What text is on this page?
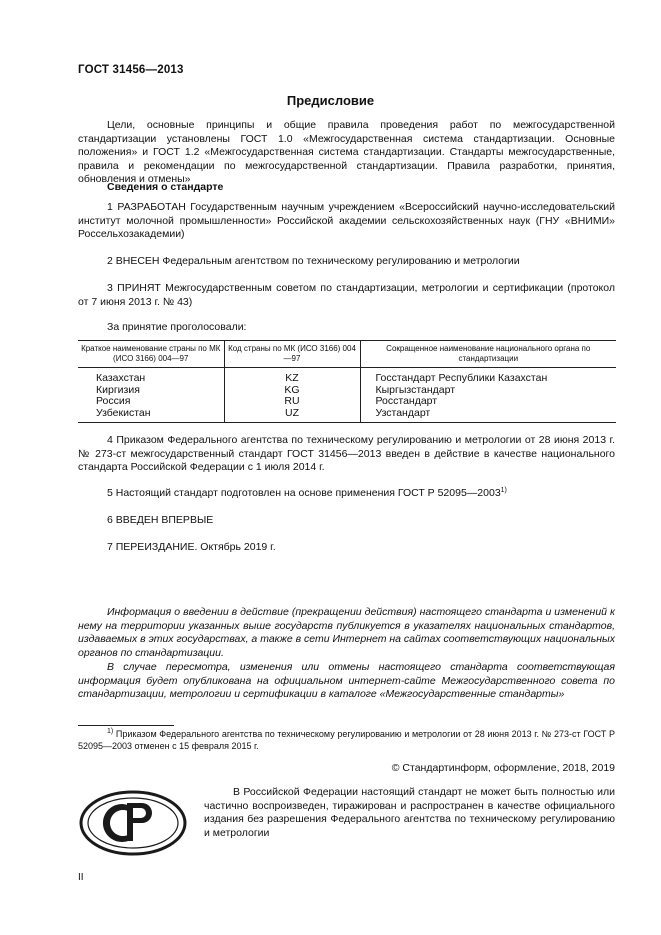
ГОСТ 31456—2013
Предисловие
Цели, основные принципы и общие правила проведения работ по межгосударственной стандартизации установлены ГОСТ 1.0 «Межгосударственная система стандартизации. Основные положения» и ГОСТ 1.2 «Межгосударственная система стандартизации. Стандарты межгосударственные, правила и рекомендации по межгосударственной стандартизации. Правила разработки, принятия, обновления и отмены»
Сведения о стандарте
1 РАЗРАБОТАН Государственным научным учреждением «Всероссийский научно-исследовательский институт молочной промышленности» Российской академии сельскохозяйственных наук (ГНУ «ВНИМИ» Россельхозакадемии)
2 ВНЕСЕН Федеральным агентством по техническому регулированию и метрологии
3 ПРИНЯТ Межгосударственным советом по стандартизации, метрологии и сертификации (протокол от 7 июня 2013 г. № 43)
За принятие проголосовали:
Краткое наименование страны по МК (ИСО 3166) 004—97	Код страны по МК (ИСО 3166) 004—97	Сокращенное наименование национального органа по стандартизации
Казахстан	KZ	Госстандарт Республики Казахстан
Киргизия	KG	Кыргызстандарт
Россия	RU	Росстандарт
Узбекистан	UZ	Узстандарт
4 Приказом Федерального агентства по техническому регулированию и метрологии от 28 июня 2013 г. № 273-ст межгосударственный стандарт ГОСТ 31456—2013 введен в действие в качестве национального стандарта Российской Федерации с 1 июля 2014 г.
5 Настоящий стандарт подготовлен на основе применения ГОСТ Р 52095—2003$^{1)}$
6 ВВЕДЕН ВПЕРВЫЕ
7 ПЕРЕИЗДАНИЕ. Октябрь 2019 г.
Информация о введении в действие (прекращении действия) настоящего стандарта и изменений к нему на территории указанных выше государств публикуется в указателях национальных стандартов, издаваемых в этих государствах, а также в сети Интернет на сайтах соответствующих национальных органов по стандартизации.
В случае пересмотра, изменения или отмены настоящего стандарта соответствующая информация будет опубликована на официальном интернет-сайте Межгосударственного совета по стандартизации, метрологии и сертификации в каталоге «Межгосударственные стандарты»
$^{1)}$ Приказом Федерального агентства по техническому регулированию и метрологии от 28 июня 2013 г. № 273-ст ГОСТ Р 52095—2003 отменен с 15 февраля 2015 г.
© Стандартинформ, оформление, 2018, 2019
В Российской Федерации настоящий стандарт не может быть полностью или частично воспроизведен, тиражирован и распространен в качестве официального издания без разрешения Федерального агентства по техническому регулированию и метрологии
II
